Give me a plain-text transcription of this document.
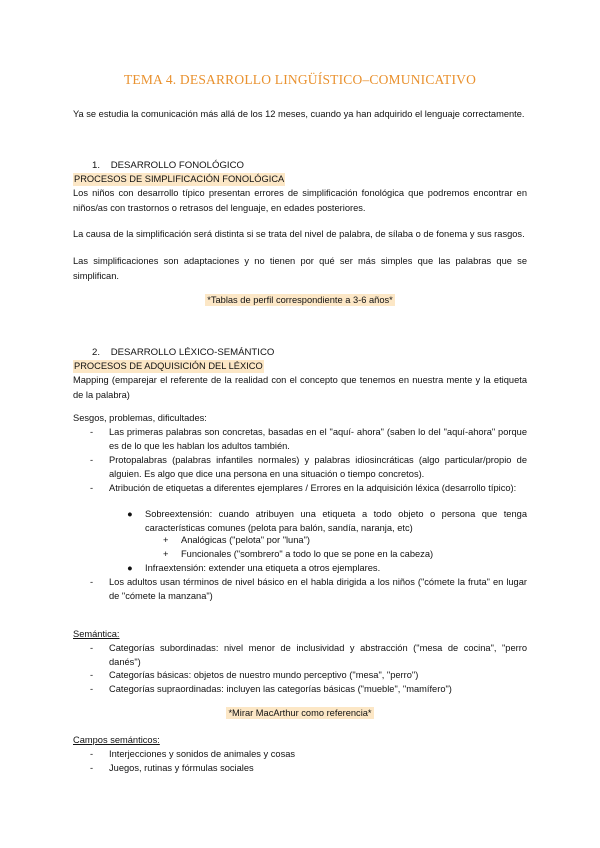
TEMA 4. DESARROLLO LINGÜÍSTICO–COMUNICATIVO
Ya se estudia la comunicación más allá de los 12 meses, cuando ya han adquirido el lenguaje correctamente.
1. DESARROLLO FONOLÓGICO
PROCESOS DE SIMPLIFICACIÓN FONOLÓGICA
Los niños con desarrollo típico presentan errores de simplificación fonológica que podremos encontrar en niños/as con trastornos o retrasos del lenguaje, en edades posteriores.
La causa de la simplificación será distinta si se trata del nivel de palabra, de sílaba o de fonema y sus rasgos.
Las simplificaciones son adaptaciones y no tienen por qué ser más simples que las palabras que se simplifican.
*Tablas de perfil correspondiente a 3-6 años*
2. DESARROLLO LÉXICO-SEMÁNTICO
PROCESOS DE ADQUISICIÓN DEL LÉXICO
Mapping (emparejar el referente de la realidad con el concepto que tenemos en nuestra mente y la etiqueta de la palabra)
Sesgos, problemas, dificultades:
- Las primeras palabras son concretas, basadas en el "aquí- ahora" (saben lo del "aquí-ahora" porque es de lo que les hablan los adultos también.
- Protopalabras (palabras infantiles normales) y palabras idiosincráticas (algo particular/propio de alguien. Es algo que dice una persona en una situación o tiempo concretos).
- Atribución de etiquetas a diferentes ejemplares / Errores en la adquisición léxica (desarrollo típico):
● Sobreextensión: cuando atribuyen una etiqueta a todo objeto o persona que tenga características comunes (pelota para balón, sandía, naranja, etc)
+ Analógicas ("pelota" por "luna")
+ Funcionales ("sombrero" a todo lo que se pone en la cabeza)
● Infraextensión: extender una etiqueta a otros ejemplares.
- Los adultos usan términos de nivel básico en el habla dirigida a los niños ("cómete la fruta" en lugar de "cómete la manzana")
Semántica:
- Categorías subordinadas: nivel menor de inclusividad y abstracción ("mesa de cocina", "perro danés")
- Categorías básicas: objetos de nuestro mundo perceptivo ("mesa", "perro")
- Categorías supraordinadas: incluyen las categorías básicas ("mueble", "mamífero")
*Mirar MacArthur como referencia*
Campos semánticos:
- Interjecciones y sonidos de animales y cosas
- Juegos, rutinas y fórmulas sociales
